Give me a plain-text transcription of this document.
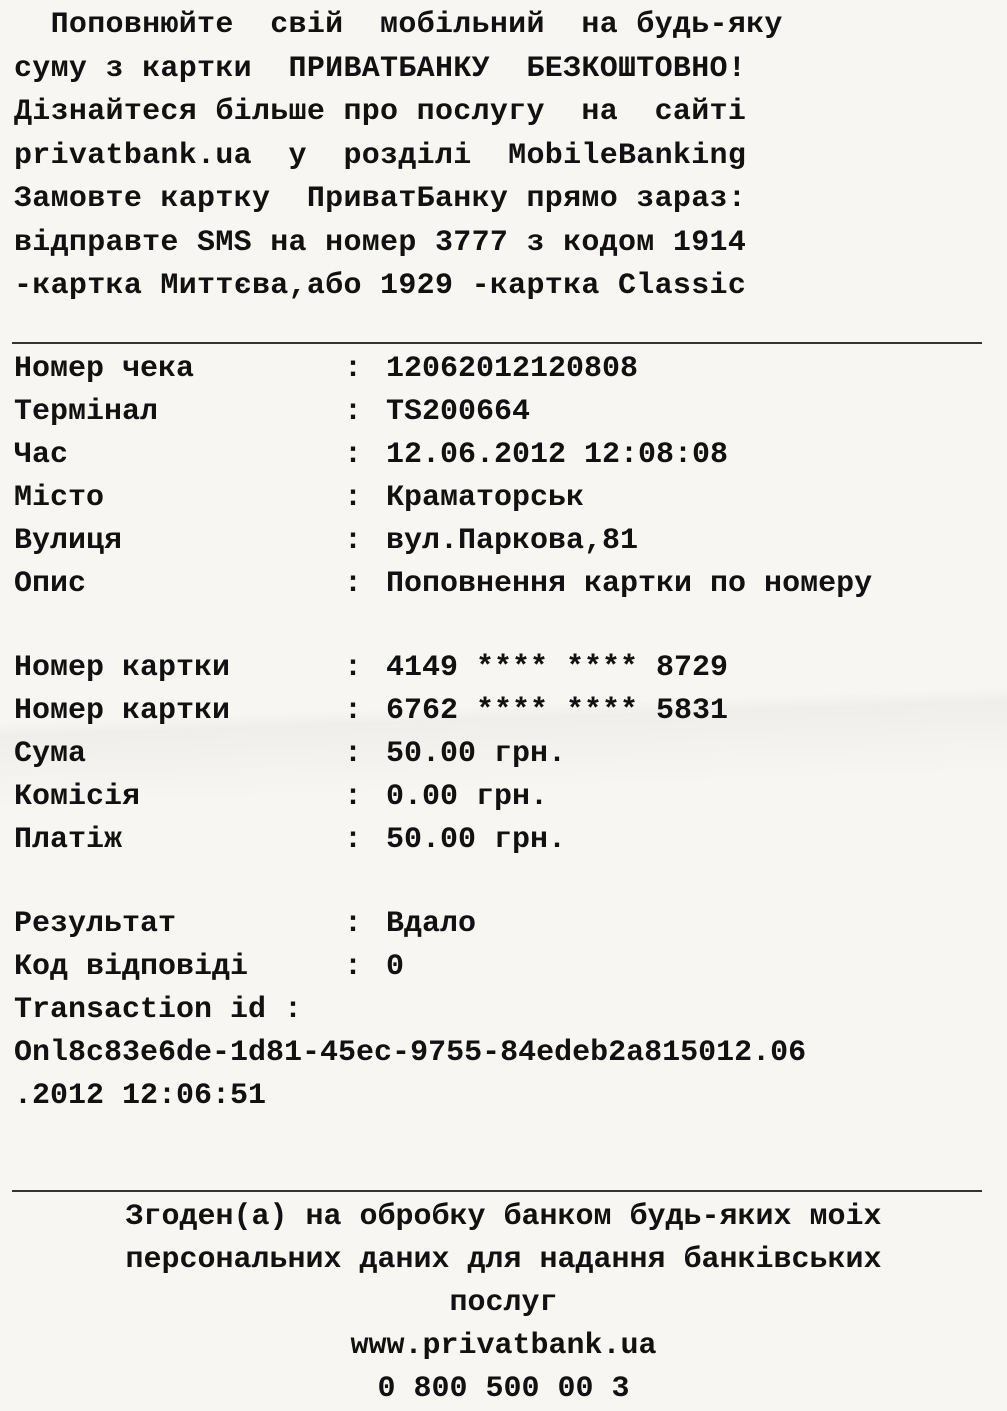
Поповнюйте  свій  мобільний  на будь-яку
суму з картки  ПРИВАТБАНКУ  БЕЗКОШТОВНО!
Дізнайтеся більше про послугу  на  сайті
privatbank.ua  у  розділі  MobileBanking
Замовте картку  ПриватБанку прямо зараз:
відправте SMS на номер 3777 з кодом 1914
-картка Миттєва,або 1929 -картка Classic
Номер чека	: 12062012120808
Термінал	: TS200664
Час	: 12.06.2012 12:08:08
Місто	: Краматорськ
Вулиця	: вул.Паркова,81
Опис	: Поповнення картки по номеру
Номер картки	: 4149 **** **** 8729
Номер картки	: 6762 **** **** 5831
Сума	: 50.00 грн.
Комісія	: 0.00 грн.
Платіж	: 50.00 грн.
Результат	: Вдало
Код відповіді	: 0
Transaction id :
Onl8c83e6de-1d81-45ec-9755-84edeb2a815012.06
.2012 12:06:51
Згоден(а) на обробку банком будь-яких моіх
персональних даних для надання банківських
послуг
www.privatbank.ua
0 800 500 00 3
